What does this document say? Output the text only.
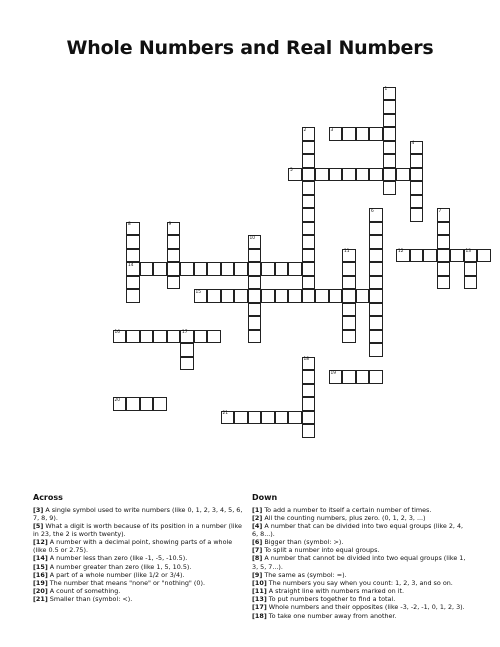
Whole Numbers and Real Numbers
1
2	3
4
5
6	7
8
14
9
10
11	12	13
15
16	17
18
19
20
21
Across

[3] A single symbol used to write numbers (like 0, 1, 2, 3, 4, 5, 6, 7, 8, 9).

[5] What a digit is worth because of its position in a number (like in 23, the 2 is worth twenty).

[12] A number with a decimal point, showing parts of a whole (like 0.5 or 2.75).

[14] A number less than zero (like -1, -5, -10.5).

[15] A number greater than zero (like 1, 5, 10.5).

[16] A part of a whole number (like 1/2 or 3/4).

[19] The number that means "none" or "nothing" (0).

[20] A count of something.

[21] Smaller than (symbol: <).

Down

[1] To add a number to itself a certain number of times.

[2] All the counting numbers, plus zero. (0, 1, 2, 3, ...)

[4] A number that can be divided into two equal groups (like 2, 4, 6, 8...).

[6] Bigger than (symbol: >).

[7] To split a number into equal groups.

[8] A number that cannot be divided into two equal groups (like 1, 3, 5, 7...).

[9] The same as (symbol: =).

[10] The numbers you say when you count: 1, 2, 3, and so on.

[11] A straight line with numbers marked on it.

[13] To put numbers together to find a total.

[17] Whole numbers and their opposites (like -3, -2, -1, 0, 1, 2, 3).

[18] To take one number away from another.
